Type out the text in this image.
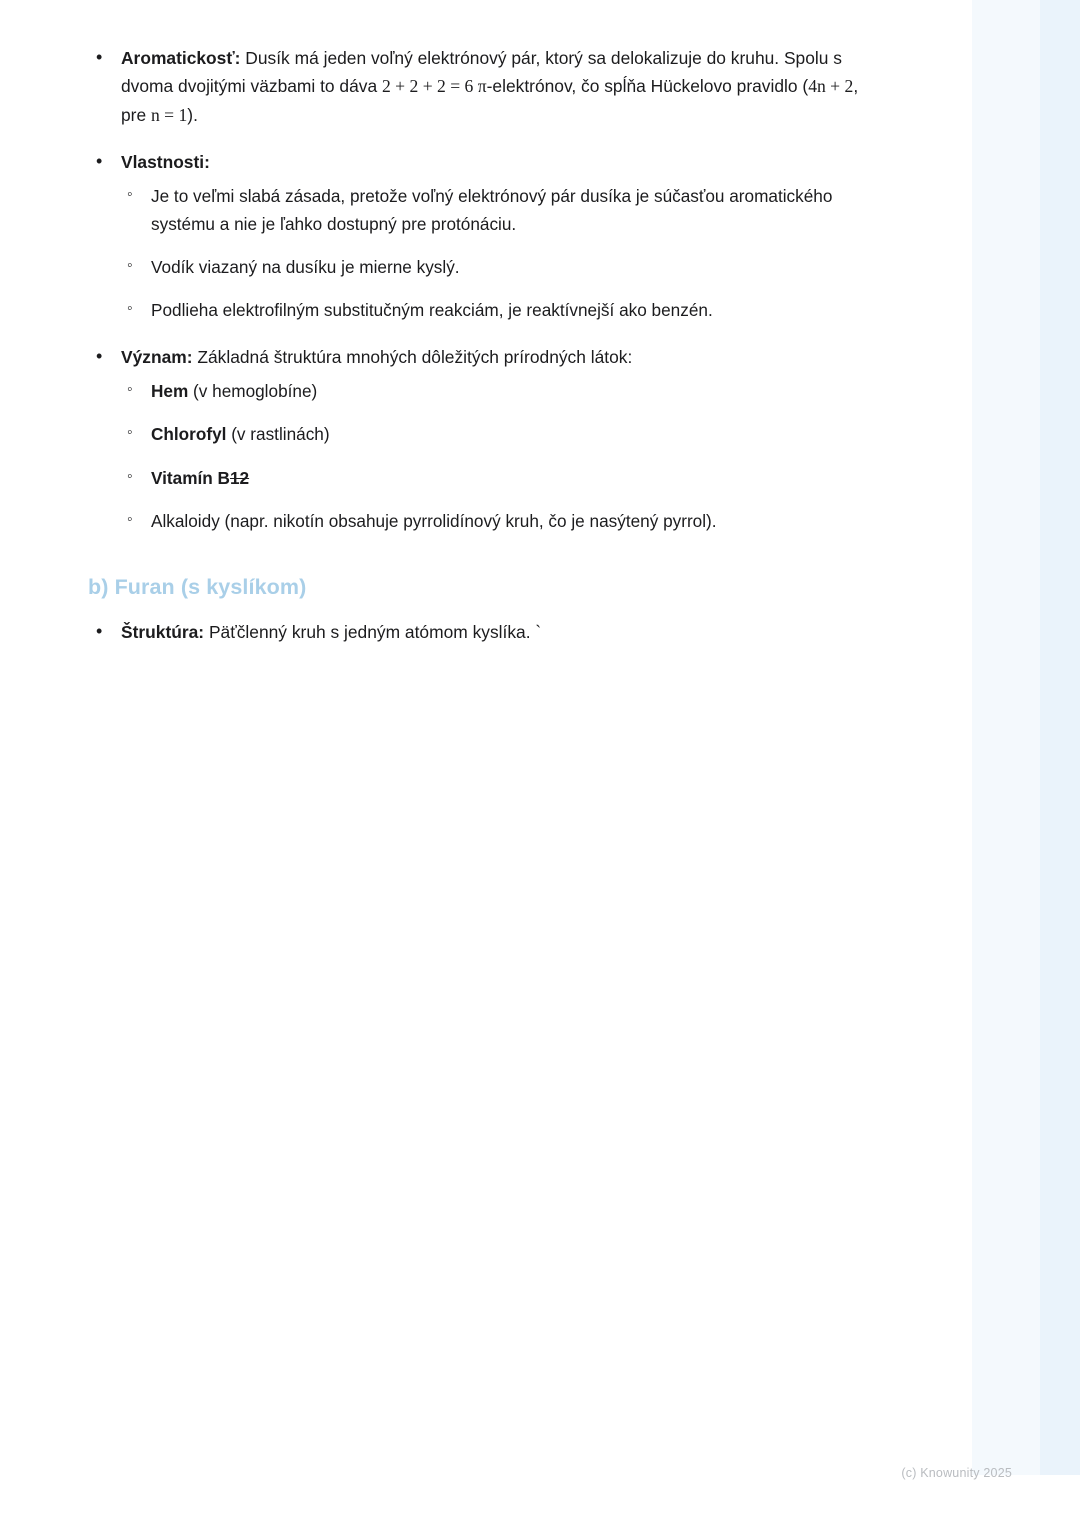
• Aromatickosť: Dusík má jeden voľný elektrónový pár, ktorý sa delokalizuje do kruhu. Spolu s dvoma dvojitými väzbami to dáva 2 + 2 + 2 = 6 π-elektrónov, čo spĺňa Hückelovo pravidlo (4n + 2, pre n = 1).
• Vlastnosti:
◦ Je to veľmi slabá zásada, pretože voľný elektrónový pár dusíka je súčasťou aromatického systému a nie je ľahko dostupný pre protónáciu.
◦ Vodík viazaný na dusíku je mierne kyslý.
◦ Podlieha elektrofilným substitučným reakciám, je reaktívnejší ako benzén.
• Význam: Základná štruktúra mnohých dôležitých prírodných látok:
◦ Hem (v hemoglobíne)
◦ Chlorofyl (v rastlinách)
◦ Vitamín B12
◦ Alkaloidy (napr. nikotín obsahuje pyrrolidínový kruh, čo je nasýtený pyrrol).
b) Furan (s kyslíkom)
• Štruktúra: Päťčlenný kruh s jedným atómom kyslíka. `
(c) Knowunity 2025
